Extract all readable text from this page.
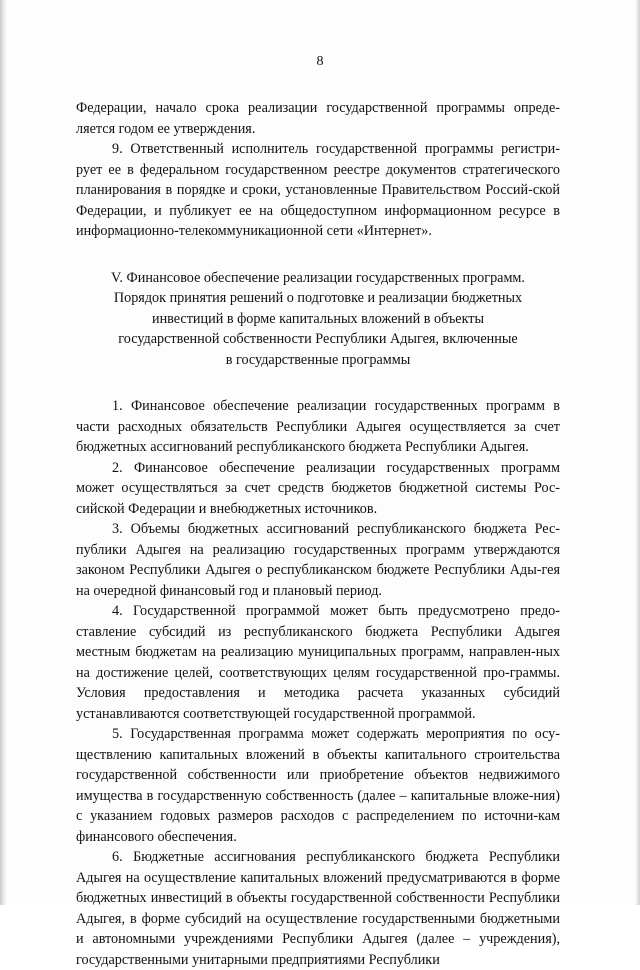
8

Федерации, начало срока реализации государственной программы опреде-ляется годом ее утверждения.

9. Ответственный исполнитель государственной программы регистри-рует ее в федеральном государственном реестре документов стратегического планирования в порядке и сроки, установленные Правительством Россий-ской Федерации, и публикует ее на общедоступном информационном ресурсе в информационно-телекоммуникационной сети «Интернет».

V. Финансовое обеспечение реализации государственных программ.
Порядок принятия решений о подготовке и реализации бюджетных
инвестиций в форме капитальных вложений в объекты
государственной собственности Республики Адыгея, включенные
в государственные программы

1. Финансовое обеспечение реализации государственных программ в части расходных обязательств Республики Адыгея осуществляется за счет бюджетных ассигнований республиканского бюджета Республики Адыгея.

2. Финансовое обеспечение реализации государственных программ может осуществляться за счет средств бюджетов бюджетной системы Рос-сийской Федерации и внебюджетных источников.

3. Объемы бюджетных ассигнований республиканского бюджета Рес-публики Адыгея на реализацию государственных программ утверждаются законом Республики Адыгея о республиканском бюджете Республики Ады-гея на очередной финансовый год и плановый период.

4. Государственной программой может быть предусмотрено предо-ставление субсидий из республиканского бюджета Республики Адыгея местным бюджетам на реализацию муниципальных программ, направлен-ных на достижение целей, соответствующих целям государственной про-граммы. Условия предоставления и методика расчета указанных субсидий устанавливаются соответствующей государственной программой.

5. Государственная программа может содержать мероприятия по осу-ществлению капитальных вложений в объекты капитального строительства государственной собственности или приобретение объектов недвижимого имущества в государственную собственность (далее – капитальные вложе-ния) с указанием годовых размеров расходов с распределением по источни-кам финансового обеспечения.

6. Бюджетные ассигнования республиканского бюджета Республики Адыгея на осуществление капитальных вложений предусматриваются в форме бюджетных инвестиций в объекты государственной собственности Республики Адыгея, в форме субсидий на осуществление государственными бюджетными и автономными учреждениями Республики Адыгея (далее – учреждения), государственными унитарными предприятиями Республики
